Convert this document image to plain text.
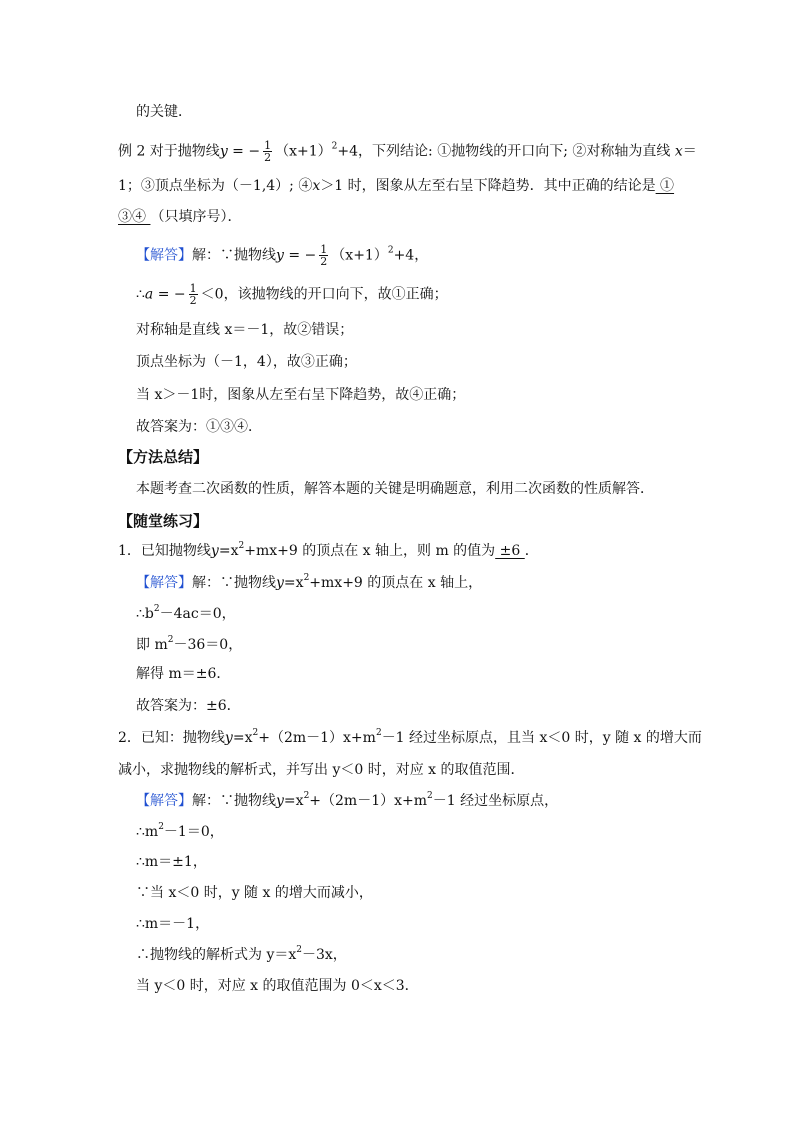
的关键．
例 2 对于抛物线y = − $\frac{1}{2} (x+1)^2+4$，下列结论: ①抛物线的开口向下; ②对称轴为直线 x＝
1；③顶点坐标为（－1,4）; ④x＞1 时，图象从左至右呈下降趋势．其中正确的结论是 ①
③④ （只填序号）．
【解答】解：∵抛物线y = − $\frac{1}{2} (x+1)^2+4$，
∴a = − $\frac{1}{2} <0$，该抛物线的开口向下，故①正确；
对称轴是直线 x＝－1，故②错误；
顶点坐标为（－1，4），故③正确；
当 x＞－1时，图象从左至右呈下降趋势，故④正确；
故答案为：①③④．
【方法总结】
本题考查二次函数的性质，解答本题的关键是明确题意，利用二次函数的性质解答．
【随堂练习】
1．已知抛物线$y=x^2+mx+9$ 的顶点在 x 轴上，则 m 的值为 ±6 ．
【解答】解：∵抛物线$y=x^2+mx+9$ 的顶点在 x 轴上，
$\therefore b^2-4ac=0$，
即 $m^2-36=0$，
解得 m＝±6．
故答案为：±6．
2．已知：抛物线$y=x^2+(2m-1)x+m^2-1$ 经过坐标原点，且当 x＜0 时，y 随 x 的增大而
减小，求抛物线的解析式，并写出 y＜0 时，对应 x 的取值范围．
【解答】解：∵抛物线$y=x^2+(2m-1)x+m^2-1$ 经过坐标原点，
$\therefore m^2-1=0$，
∴m＝±1，
∵当 x＜0 时，y 随 x 的增大而减小，
∴m＝－1，
∴抛物线的解析式为 $y=x^2-3x$，
当 y＜0 时，对应 x 的取值范围为 0＜x＜3．
